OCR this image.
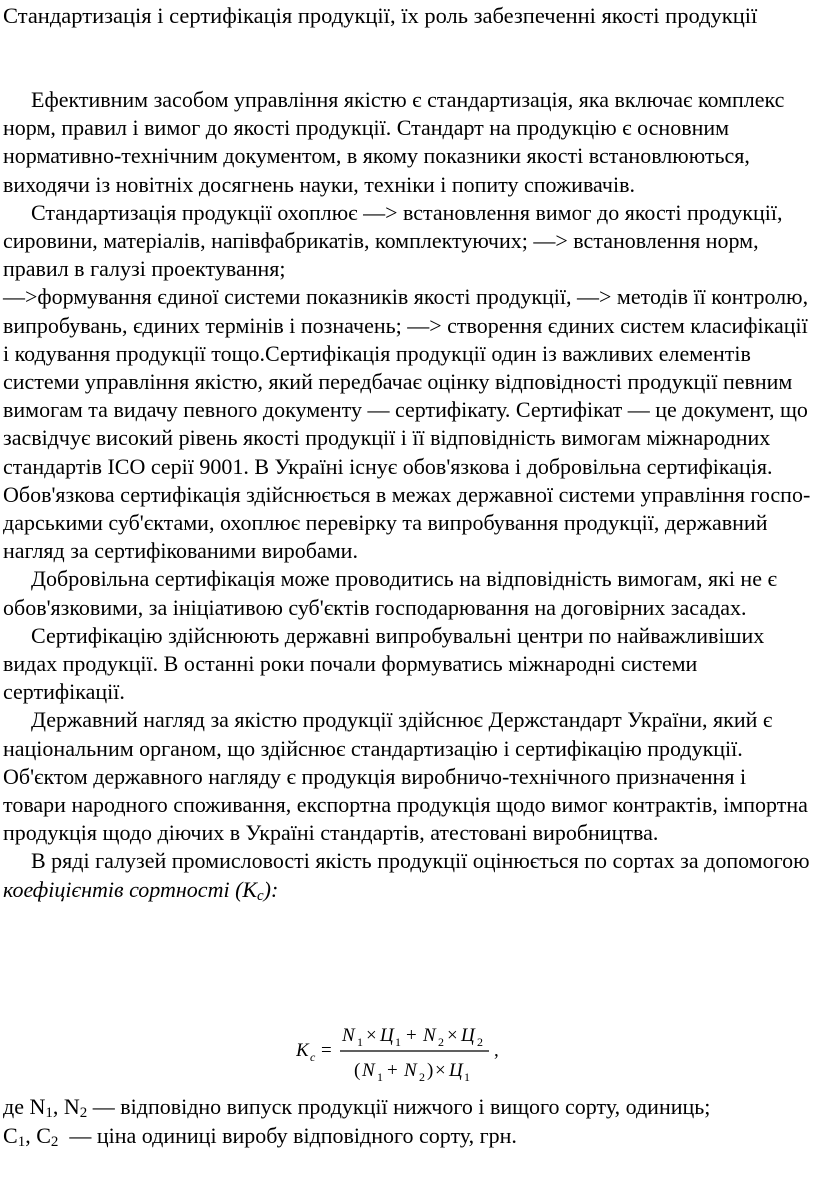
Стандартизація і сертифікація продукції, їх роль забезпеченні якості продукції

Ефективним засобом управління якістю є стандартизація, яка включає комплекс норм, правил і вимог до якості продукції. Стандарт на продукцію є основним нормативно-технічним документом, в якому показники якості встановлюються, виходячи із новітніх досягнень науки, техніки і попиту споживачів.

Стандартизація продукції охоплює —> встановлення вимог до якості продукції, сировини, матеріалів, напівфабрикатів, комплектуючих; —> встановлення норм, правил в галузі проектування;

—>формування єдиної системи показників якості продукції, —> методів її контролю, випробувань, єдиних термінів і позначень; —> створення єдиних систем класифікації і кодування продукції тощо.Сертифікація продукції один із важливих елементів системи управління якістю, який передбачає оцінку відповідності продукції певним вимогам та видачу певного документу — сертифікату. Сертифікат — це документ, що засвідчує високий рівень якості продукції і її відповідність вимогам міжнародних стандартів ІСО серії 9001. В Україні існує обов'язкова і добровільна сертифікація. Обов'язкова сертифікація здійснюється в межах державної системи управління госпо-дарськими суб'єктами, охоплює перевірку та випробування продукції, державний нагляд за сертифікованими виробами.

Добровільна сертифікація може проводитись на відповідність вимогам, які не є обов'язковими, за ініціативою суб'єктів господарювання на договірних засадах.

Сертифікацію здійснюють державні випробувальні центри по найважливіших видах продукції. В останні роки почали формуватись міжнародні системи сертифікації.

Державний нагляд за якістю продукції здійснює Держстандарт України, який є національним органом, що здійснює стандартизацію і сертифікацію продукції. Об'єктом державного нагляду є продукція виробничо-технічного призначення і товари народного споживання, експортна продукція щодо вимог контрактів, імпортна продукція щодо діючих в Україні стандартів, атестовані виробництва.

В ряді галузей промисловості якість продукції оцінюється по сортах за допомогою коефіцієнтів сортності $(К_с)$:

K c =
N 1 × Ц 1 + N 2 × Ц 2
( N 1 + N 2 ) × Ц 1
,

де $N_1$, $N_2$ — відповідно випуск продукції нижчого і вищого сорту, одиниць;

$С_1$, $С_2$  — ціна одиниці виробу відповідного сорту, грн.
